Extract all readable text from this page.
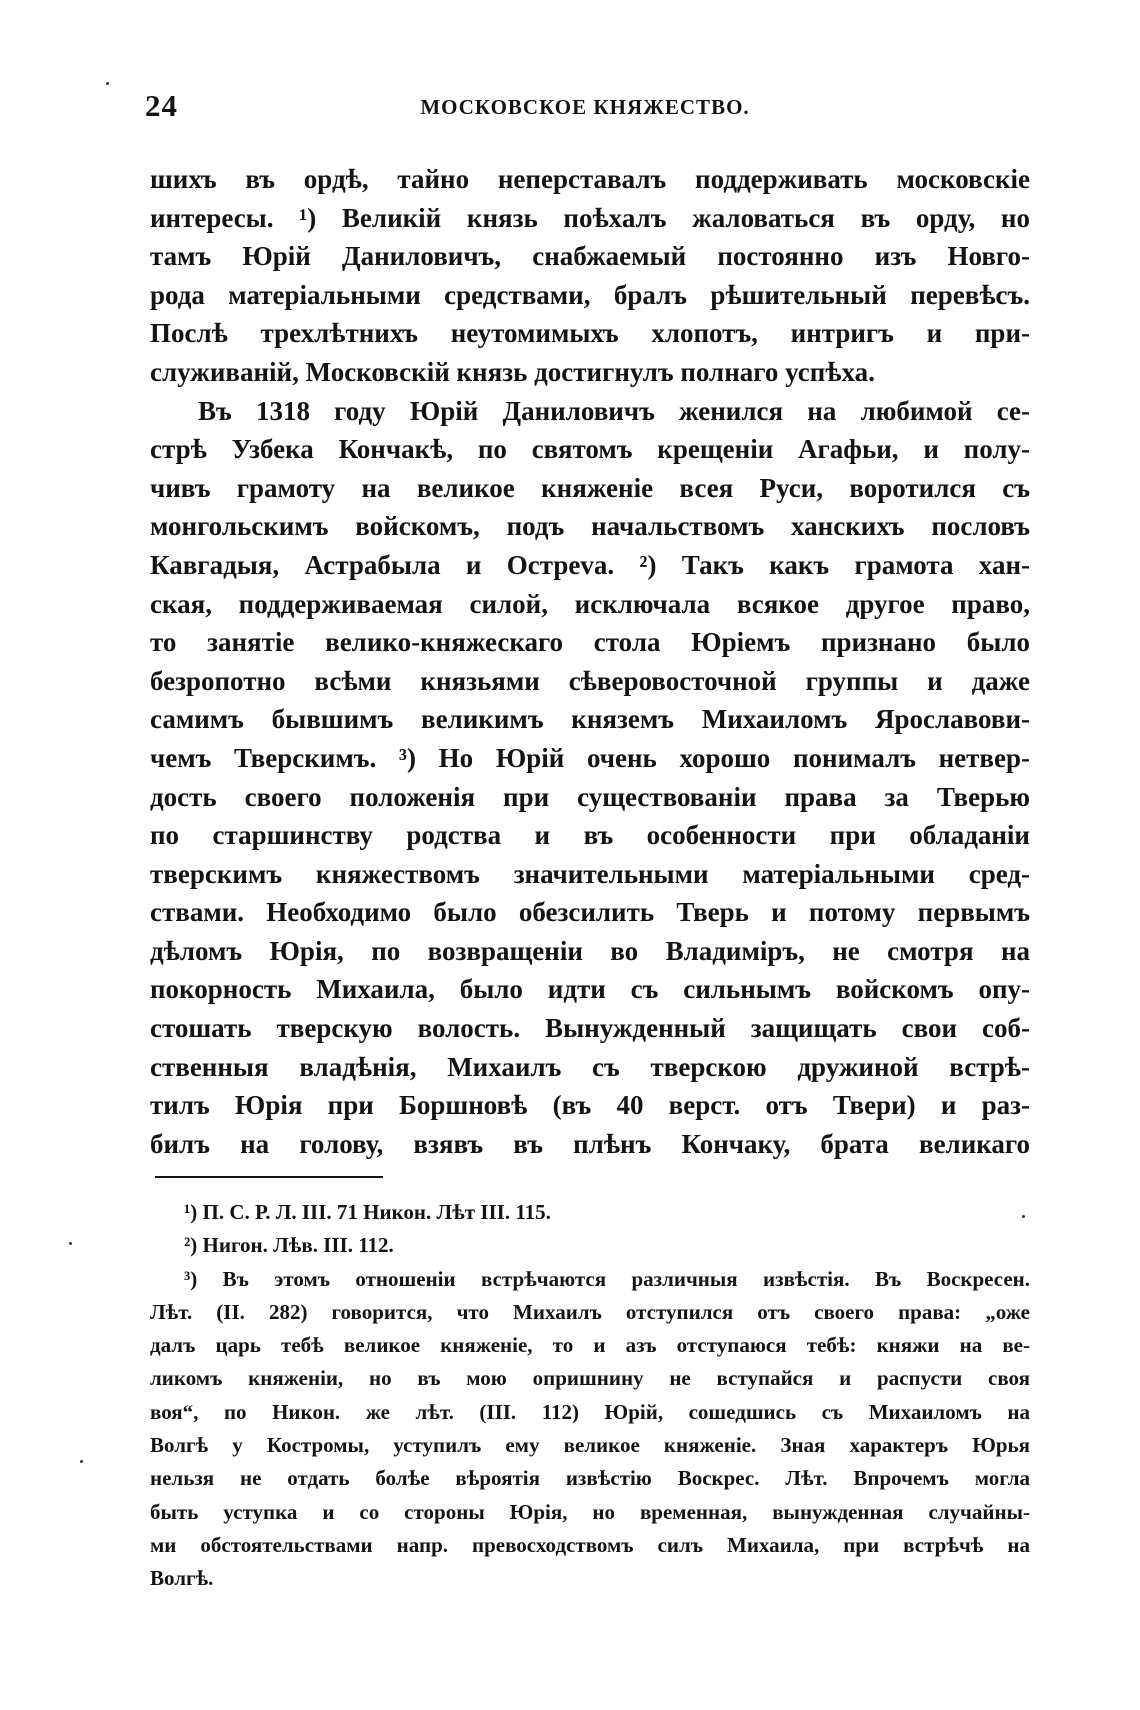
24	МОСКОВСКОЕ КНЯЖЕСТВО.
шихъ въ ордѣ, тайно неперставалъ поддерживать московскіе
интересы. ¹) Великій князь поѣхалъ жаловаться въ орду, но
тамъ Юрій Даниловичъ, снабжаемый постоянно изъ Новго-
рода матеріальными средствами, бралъ рѣшительный перевѣсъ.
Послѣ трехлѣтнихъ неутомимыхъ хлопотъ, интригъ и при-
служиваній, Московскій князь достигнулъ полнаго успѣха.
Въ 1318 году Юрій Даниловичъ женился на любимой се-
стрѣ Узбека Кончакѣ, по святомъ крещеніи Агафьи, и полу-
чивъ грамоту на великое княженіе всея Руси, воротился съ
монгольскимъ войскомъ, подъ начальствомъ ханскихъ пословъ
Кавгадыя, Астрабыла и Остреva. ²) Такъ какъ грамота хан-
ская, поддерживаемая силой, исключала всякое другое право,
то занятіе велико-княжескаго стола Юріемъ признано было
безропотно всѣми князьями сѣверовосточной группы и даже
самимъ бывшимъ великимъ княземъ Михаиломъ Ярославови-
чемъ Тверскимъ. ³) Но Юрій очень хорошо понималъ нетвер-
дость своего положенія при существованіи права за Тверью
по старшинству родства и въ особенности при обладаніи
тверскимъ княжествомъ значительными матеріальными сред-
ствами. Необходимо было обезсилить Тверь и потому первымъ
дѣломъ Юрія, по возвращеніи во Владиміръ, не смотря на
покорность Михаила, было идти съ сильнымъ войскомъ опу-
стошать тверскую волость. Вынужденный защищать свои соб-
ственныя владѣнія, Михаилъ съ тверскою дружиной встрѣ-
тилъ Юрія при Боршновѣ (въ 40 верст. отъ Твери) и раз-
билъ на голову, взявъ въ плѣнъ Кончаку, брата великаго
¹) П. С. Р. Л. III. 71 Никон. Лѣт III. 115.
²) Нигон. Лѣв. III. 112.
³) Въ этомъ отношеніи встрѣчаются различныя извѣстія. Въ Воскресен.
Лѣт. (II. 282) говорится, что Михаилъ отступился отъ своего права: „оже
далъ царь тебѣ великое княженіе, то и азъ отступаюся тебѣ: княжи на ве-
ликомъ княженіи, но въ мою опришнину не вступайся и распусти своя
воя“, по Никон. же лѣт. (III. 112) Юрій, сошедшись съ Михаиломъ на
Волгѣ у Костромы, уступилъ ему великое княженіе. Зная характеръ Юрья
нельзя не отдать болѣе вѣроятія извѣстію Воскрес. Лѣт. Впрочемъ могла
быть уступка и со стороны Юрія, но временная, вынужденная случайны-
ми обстоятельствами напр. превосходствомъ силъ Михаила, при встрѣчѣ на
Волгѣ.
